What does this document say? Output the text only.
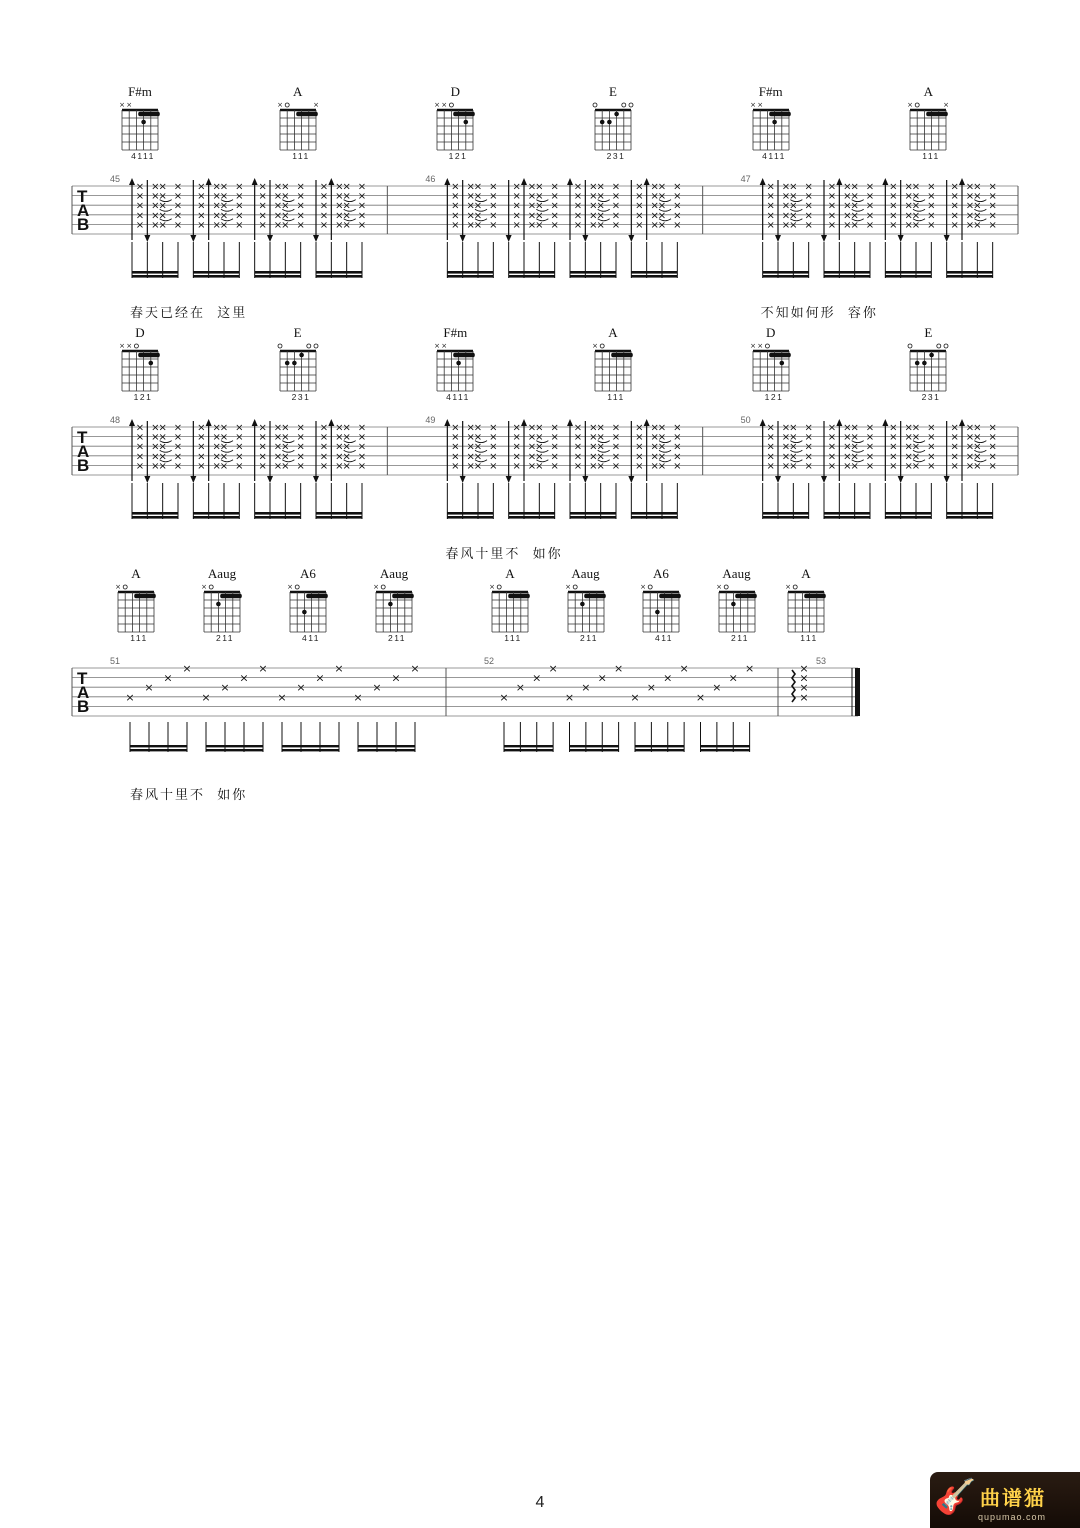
×
×
×
×
×
×
×
×
×
×
×
×
×
×
×
×
×
×
×
×
×
×
×
×
×
×
×
×
×
×
×
×
×
×
×
×
×
×
×
×
×
×
×
×
×
×
×
×
×
×
×
×
×
×
×
×
×
×
×
×
×
×
×
×
×
×
×
×
×
×
×
×
×
×
×
×
×
×
×
×
×
×
×
×
×
×
×
×
×
×
×
×
×
×
×
×
×
×
×
×
×
×
×
×
×
×
×
×
×
×
×
×
×
×
×
×
×
×
×
×
×
×
×
×
×
×
×
×
×
×
×
×
×
×
×
×
×
×
×
×
×
×
×
×
×
×
×
×
×
×
×
×
×
×
×
×
×
×
×
×
×
×
×
×
×
×
×
×
×
×
×
×
×
×
×
×
×
×
×
×
×
×
×
×
×
×
×
×
×
×
×
×
×
×
×
×
×
×
×
×
×
×
×
×
×
×
×
×
×
×
×
×
×
×
×
×
×
×
×
×
×
×
×
×
×
×
×
×
×
×
×
×
×
×
×
×
×
×
×
×
T
A
B
45
F#m
× ×
4111
A
×	×
111
46
D
× ×
121
E
231
47
F#m
× ×
4111
A
×	×
111
春天已经在  这里	不知如何形  容你
×
×
×
×
×
×
×
×
×
×
×
×
×
×
×
×
×
×
×
×
×
×
×
×
×
×
×
×
×
×
×
×
×
×
×
×
×
×
×
×
×
×
×
×
×
×
×
×
×
×
×
×
×
×
×
×
×
×
×
×
×
×
×
×
×
×
×
×
×
×
×
×
×
×
×
×
×
×
×
×
×
×
×
×
×
×
×
×
×
×
×
×
×
×
×
×
×
×
×
×
×
×
×
×
×
×
×
×
×
×
×
×
×
×
×
×
×
×
×
×
×
×
×
×
×
×
×
×
×
×
×
×
×
×
×
×
×
×
×
×
×
×
×
×
×
×
×
×
×
×
×
×
×
×
×
×
×
×
×
×
×
×
×
×
×
×
×
×
×
×
×
×
×
×
×
×
×
×
×
×
×
×
×
×
×
×
×
×
×
×
×
×
×
×
×
×
×
×
×
×
×
×
×
×
×
×
×
×
×
×
×
×
×
×
×
×
×
×
×
×
×
×
×
×
×
×
×
×
×
×
×
×
×
×
×
×
×
×
×
×
T
A
B
48
D
× ×
121
E
231
49
F#m
× ×
4111
A
×
111
50
D
× ×
121
E
231
春风十里不  如你
×
×
×
×
×
×
×
×
×
×
×
×
×
×
×
×
×
×
×
×
×
×
×
×
×
×
×
×
×
×
×
×	×
×
×
×
T
A
B
51
A
×
111
Aaug
×
211
A6
×
411
Aaug
×
211
52
A
×
111
Aaug
×
211
A6
×
411
Aaug
×
211
53
A
×
111
春风十里不  如你
4	🎸 曲谱猫
qupumao.com
